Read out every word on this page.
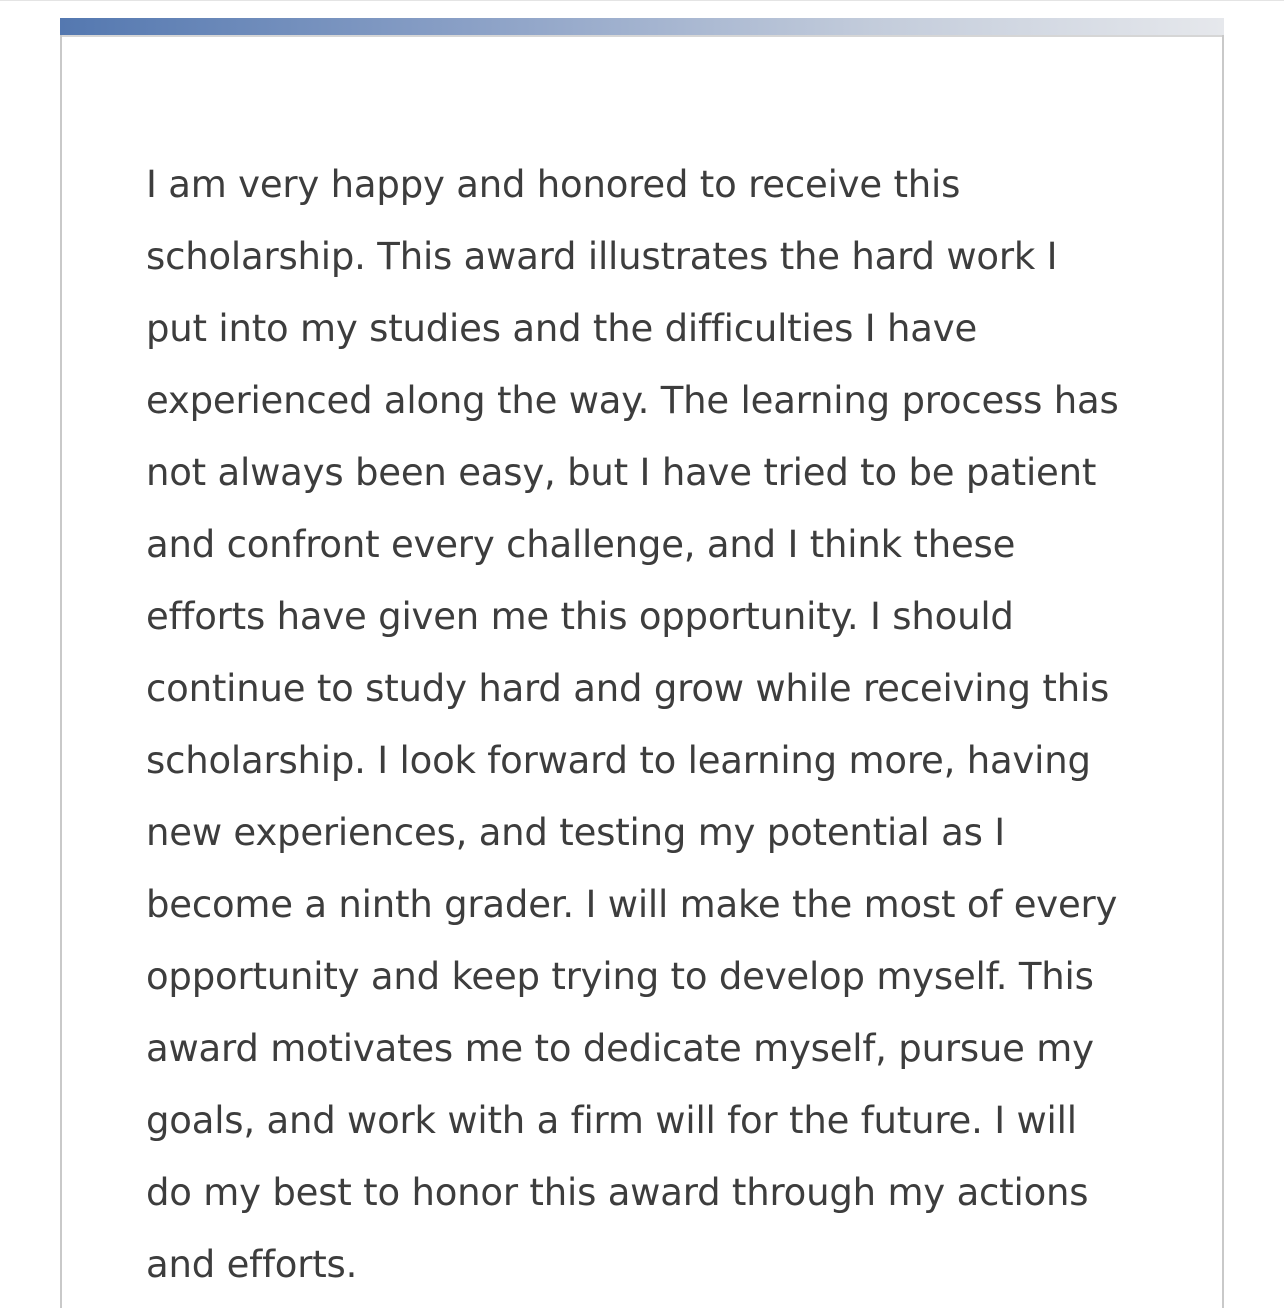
I am very happy and honored to receive this
scholarship. This award illustrates the hard work I
put into my studies and the difficulties I have
experienced along the way. The learning process has
not always been easy, but I have tried to be patient
and confront every challenge, and I think these
efforts have given me this opportunity. I should
continue to study hard and grow while receiving this
scholarship. I look forward to learning more, having
new experiences, and testing my potential as I
become a ninth grader. I will make the most of every
opportunity and keep trying to develop myself. This
award motivates me to dedicate myself, pursue my
goals, and work with a firm will for the future. I will
do my best to honor this award through my actions
and efforts.
